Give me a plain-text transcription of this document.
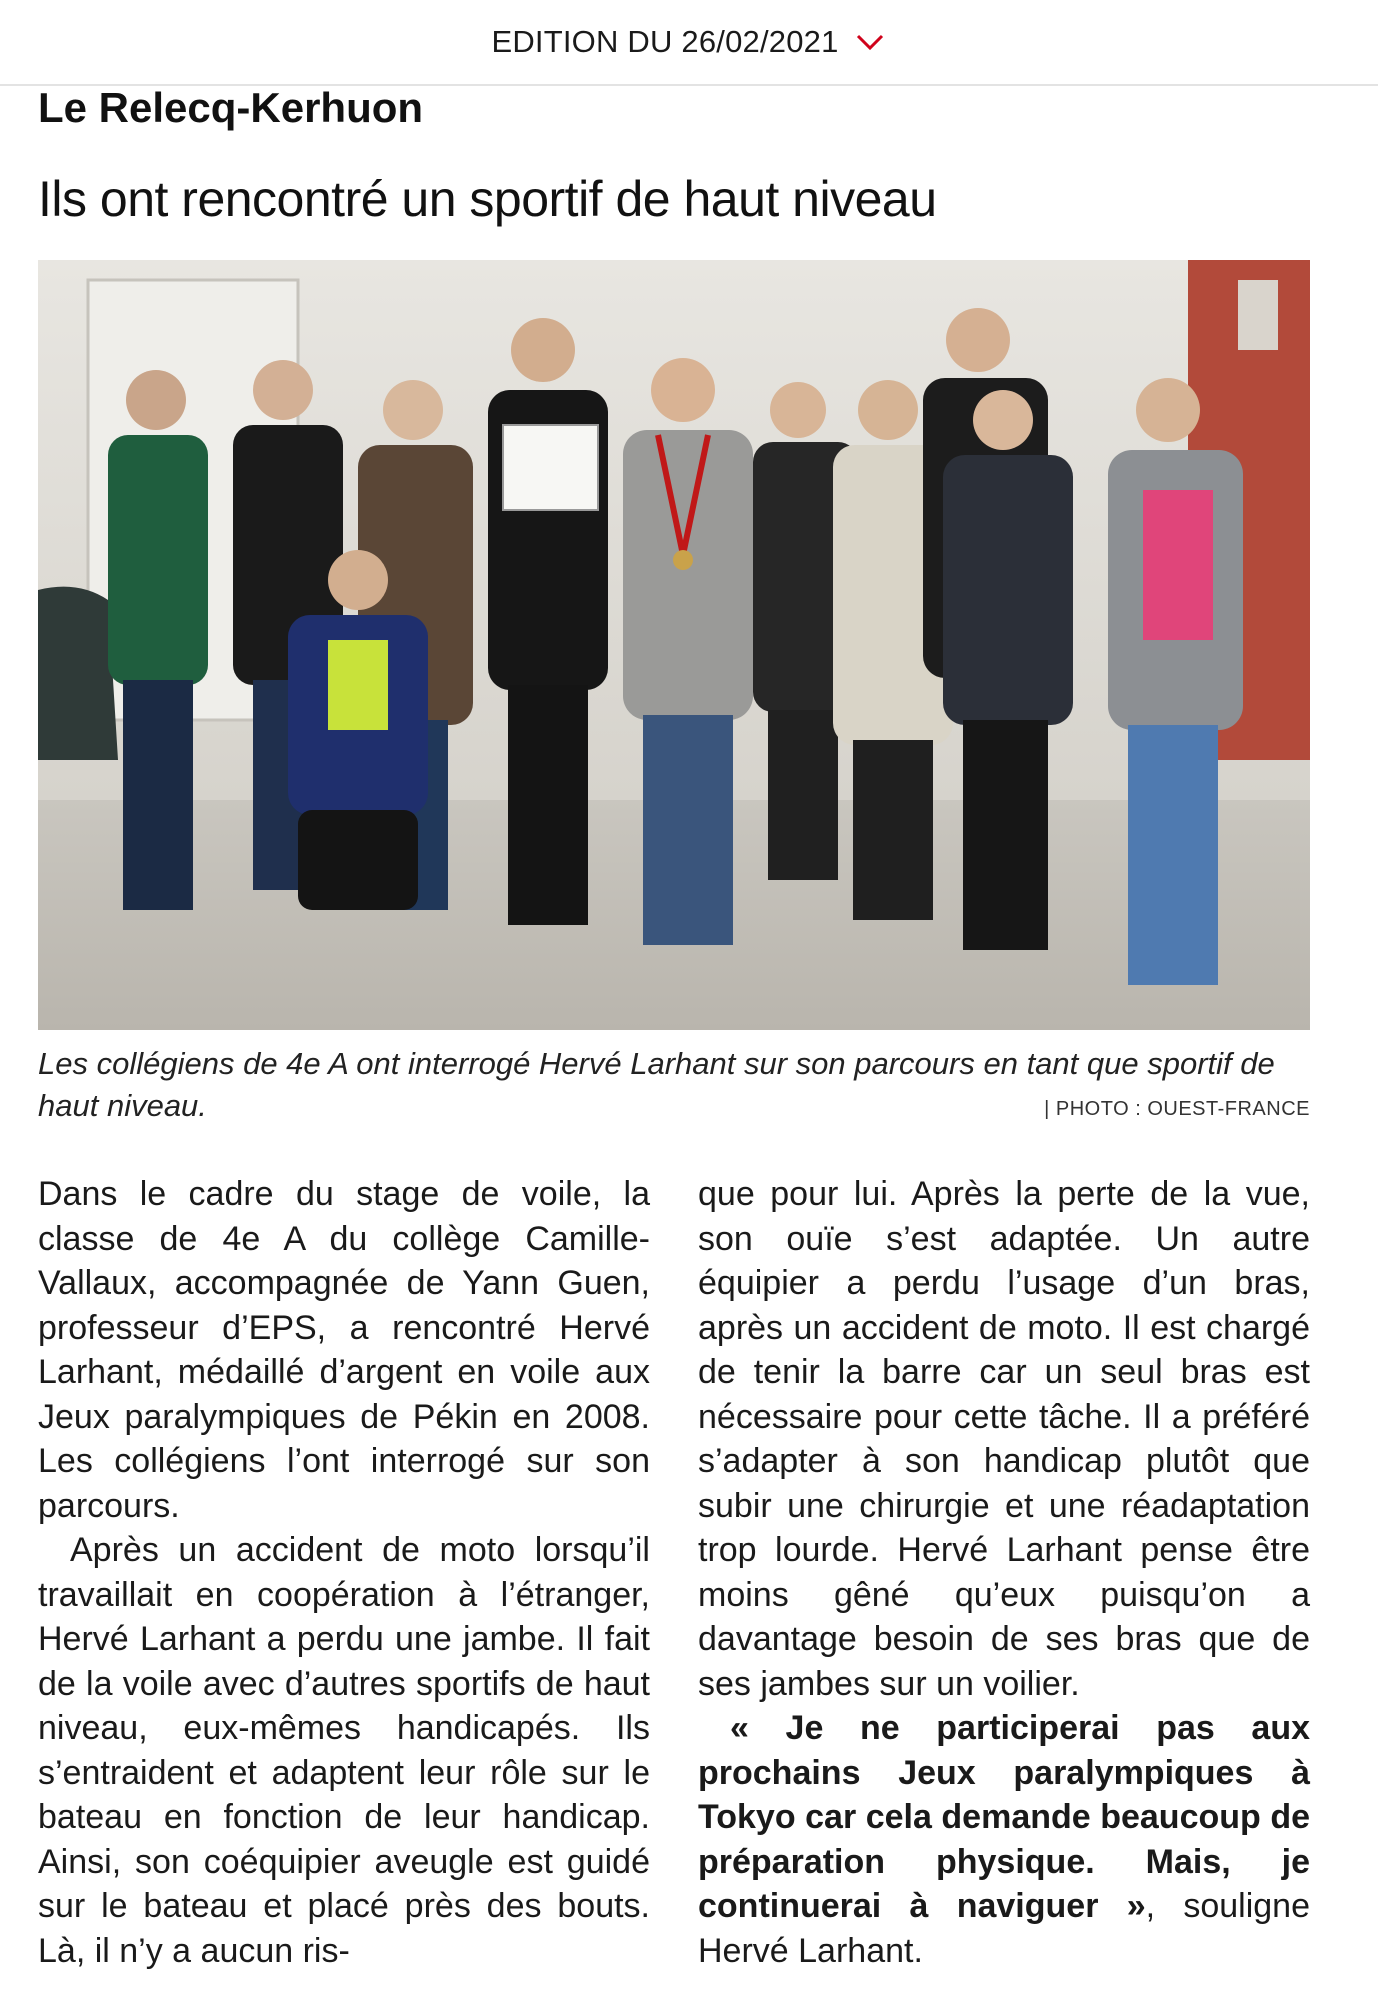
EDITION DU 26/02/2021
Le Relecq-Kerhuon
Ils ont rencontré un sportif de haut niveau
Les collégiens de 4e A ont interrogé Hervé Larhant sur son parcours en tant que sportif de haut niveau.	| PHOTO : OUEST-FRANCE

Dans le cadre du stage de voile, la classe de 4e A du collège Camille-Vallaux, accompagnée de Yann Guen, professeur d’EPS, a rencontré Hervé Larhant, médaillé d’argent en voile aux Jeux paralympiques de Pékin en 2008. Les collégiens l’ont interrogé sur son parcours.

Après un accident de moto lorsqu’il travaillait en coopération à l’étranger, Hervé Larhant a perdu une jambe. Il fait de la voile avec d’autres sportifs de haut niveau, eux-mêmes handicapés. Ils s’entraident et adaptent leur rôle sur le bateau en fonction de leur handicap. Ainsi, son coéquipier aveugle est guidé sur le bateau et placé près des bouts. Là, il n’y a aucun ris-

que pour lui. Après la perte de la vue, son ouïe s’est adaptée. Un autre équipier a perdu l’usage d’un bras, après un accident de moto. Il est chargé de tenir la barre car un seul bras est nécessaire pour cette tâche. Il a préféré s’adapter à son handicap plutôt que subir une chirurgie et une réadaptation trop lourde. Hervé Larhant pense être moins gêné qu’eux puisqu’on a davantage besoin de ses bras que de ses jambes sur un voilier.

« Je ne participerai pas aux prochains Jeux paralympiques à Tokyo car cela demande beaucoup de préparation physique. Mais, je continuerai à naviguer », souligne Hervé Larhant.
